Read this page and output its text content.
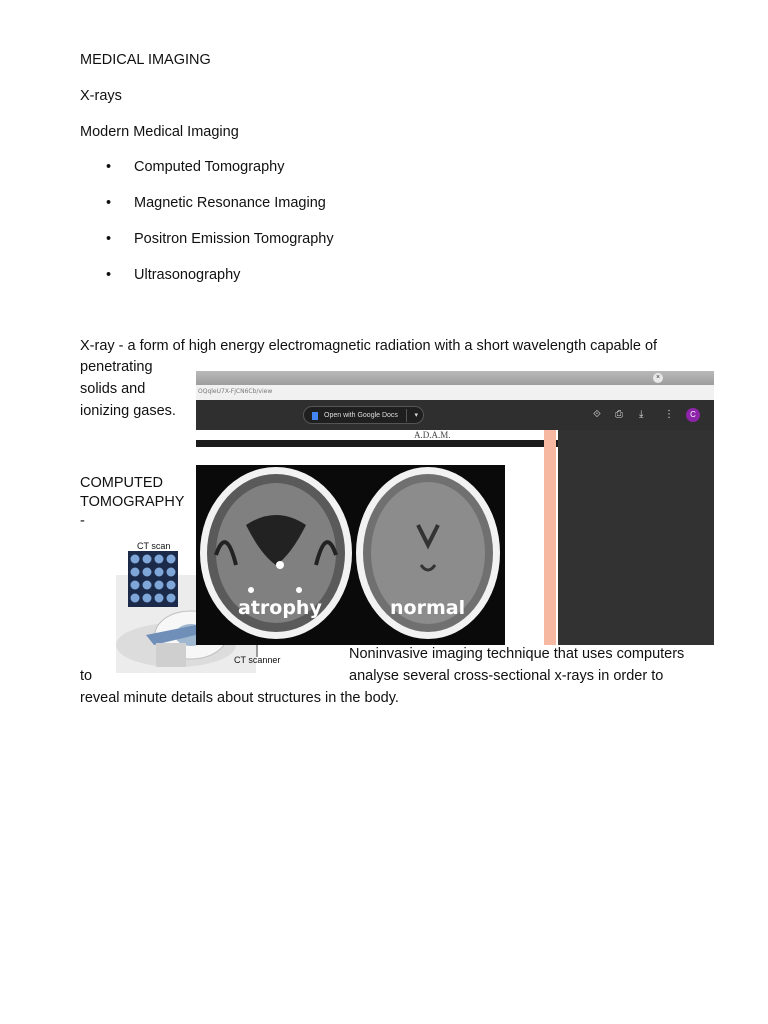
MEDICAL IMAGING
X-rays
Modern Medical Imaging
• Computed Tomography
• Magnetic Resonance Imaging
• Positron Emission Tomography
• Ultrasonography
X-ray - a form of high energy electromagnetic radiation with a short wavelength capable of
penetrating
solids and
ionizing gases.
COMPUTED
TOMOGRAPHY
-
CT scan
CT scanner
×
OQqleU7X-FjCN6Cb/view
Open with Google Docs ▾	⟐ ⎙ ⤓ ⋮	C
A.D.A.M.
atrophy	normal
Noninvasive imaging technique that uses computers
to	analyse several cross-sectional x-rays in order to
reveal minute details about structures in the body.
